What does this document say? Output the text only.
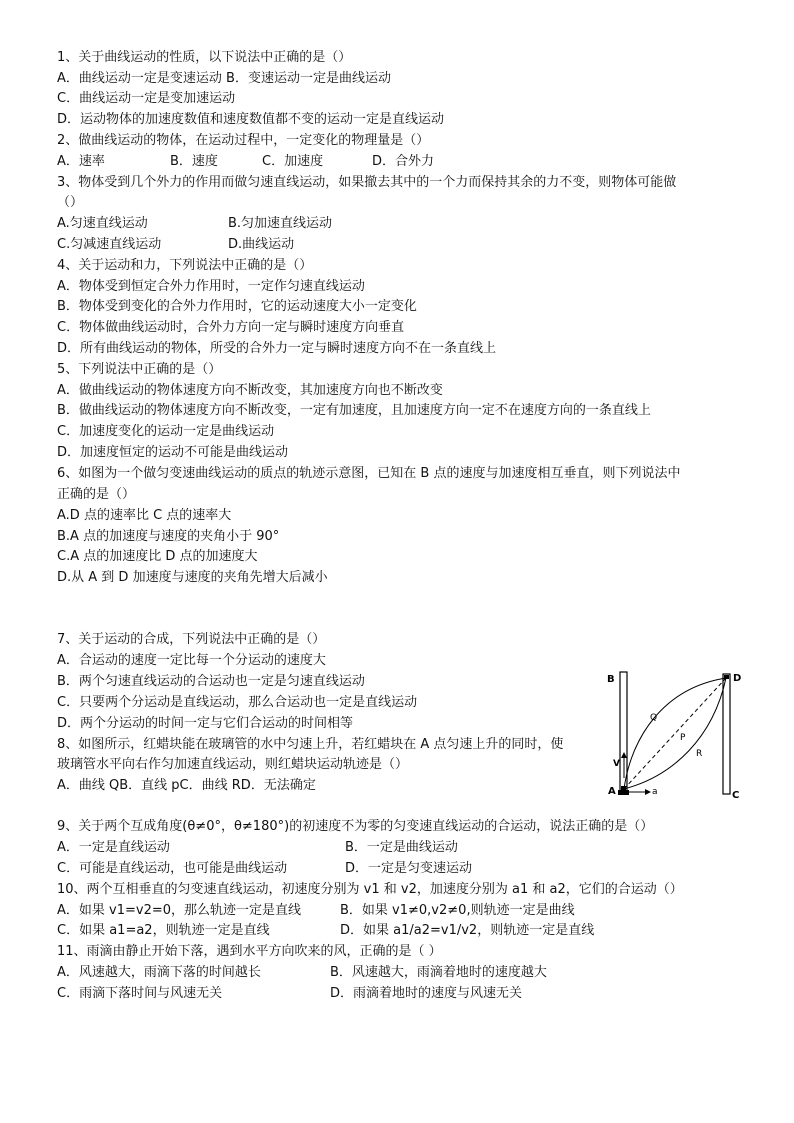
1、关于曲线运动的性质，以下说法中正确的是（）
A．曲线运动一定是变速运动 B．变速运动一定是曲线运动
C．曲线运动一定是变加速运动
D．运动物体的加速度数值和速度数值都不变的运动一定是直线运动
2、做曲线运动的物体，在运动过程中，一定变化的物理量是（）
A．速率	B．速度	C．加速度	D．合外力
3、物体受到几个外力的作用而做匀速直线运动，如果撤去其中的一个力而保持其余的力不变，则物体可能做
（）
A.匀速直线运动	B.匀加速直线运动
C.匀减速直线运动	D.曲线运动
4、关于运动和力，下列说法中正确的是（）
A．物体受到恒定合外力作用时，一定作匀速直线运动
B．物体受到变化的合外力作用时，它的运动速度大小一定变化
C．物体做曲线运动时，合外力方向一定与瞬时速度方向垂直
D．所有曲线运动的物体，所受的合外力一定与瞬时速度方向不在一条直线上
5、下列说法中正确的是（）
A．做曲线运动的物体速度方向不断改变，其加速度方向也不断改变
B．做曲线运动的物体速度方向不断改变，一定有加速度，且加速度方向一定不在速度方向的一条直线上
C．加速度变化的运动一定是曲线运动
D．加速度恒定的运动不可能是曲线运动
6、如图为一个做匀变速曲线运动的质点的轨迹示意图，已知在 B 点的速度与加速度相互垂直，则下列说法中
正确的是（）
A.D 点的速率比 C 点的速率大
B.A 点的加速度与速度的夹角小于 90°
C.A 点的加速度比 D 点的加速度大
D.从 A 到 D 加速度与速度的夹角先增大后减小
7、关于运动的合成，下列说法中正确的是（）
A．合运动的速度一定比每一个分运动的速度大
B．两个匀速直线运动的合运动也一定是匀速直线运动
C．只要两个分运动是直线运动，那么合运动也一定是直线运动
D．两个分运动的时间一定与它们合运动的时间相等
8、如图所示，红蜡块能在玻璃管的水中匀速上升，若红蜡块在 A 点匀速上升的同时，使
玻璃管水平向右作匀加速直线运动，则红蜡块运动轨迹是（）
A．曲线 QB．直线 pC．曲线 RD．无法确定
B	D
Q
P
R
V
A	a	C
9、关于两个互成角度(θ≠0°，θ≠180°)的初速度不为零的匀变速直线运动的合运动，说法正确的是（）
A．一定是直线运动	B．一定是曲线运动
C．可能是直线运动，也可能是曲线运动	D．一定是匀变速运动
10、两个互相垂直的匀变速直线运动，初速度分别为 v1 和 v2，加速度分别为 a1 和 a2，它们的合运动（）
A．如果 v1=v2=0，那么轨迹一定是直线	B．如果 v1≠0,v2≠0,则轨迹一定是曲线
C．如果 a1=a2，则轨迹一定是直线	D．如果 a1/a2=v1/v2，则轨迹一定是直线
11、雨滴由静止开始下落，遇到水平方向吹来的风，正确的是（ ）
A．风速越大，雨滴下落的时间越长	B．风速越大，雨滴着地时的速度越大
C．雨滴下落时间与风速无关	D．雨滴着地时的速度与风速无关
